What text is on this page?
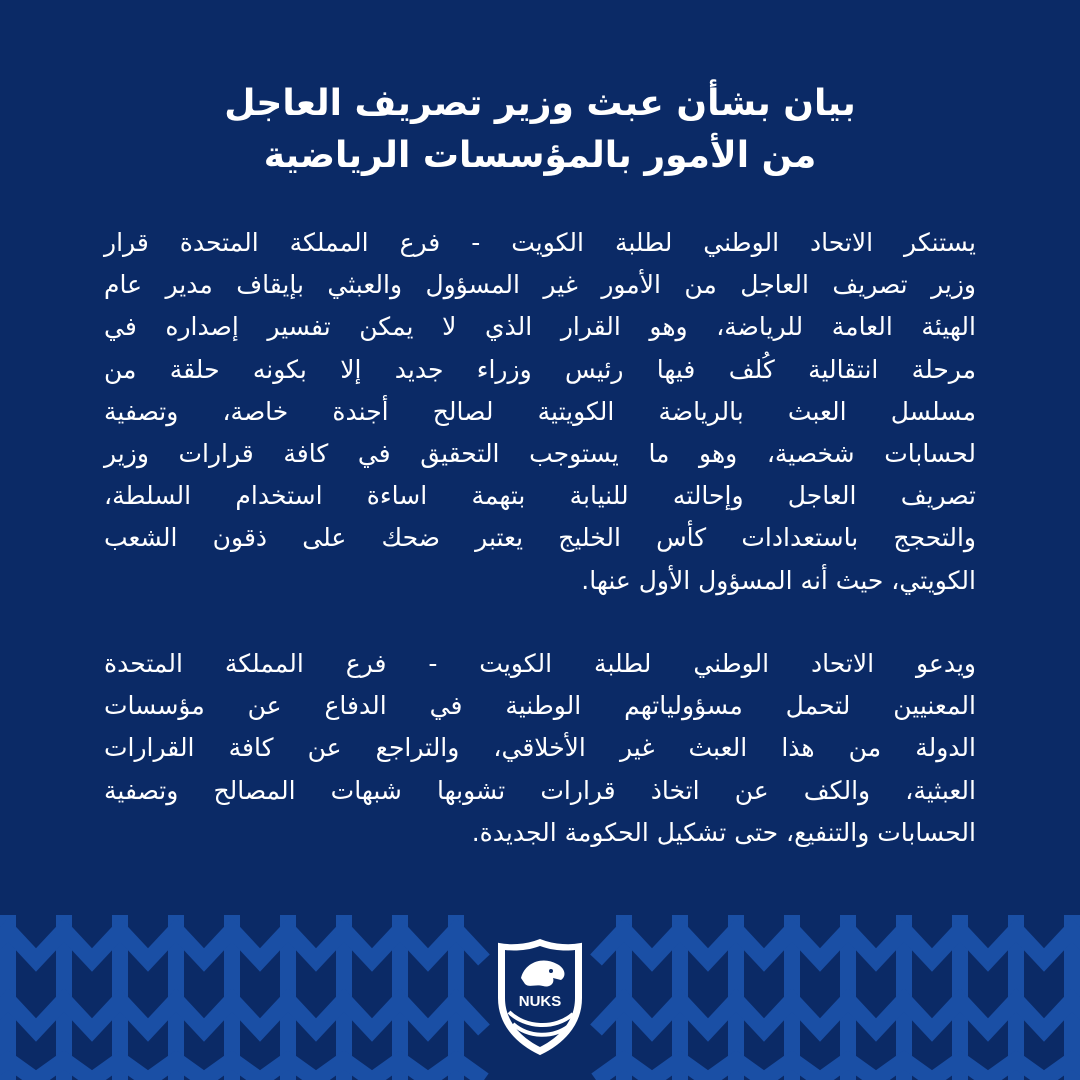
بيان بشأن عبث وزير تصريف العاجل
من الأمور بالمؤسسات الرياضية
يستنكر الاتحاد الوطني لطلبة الكويت - فرع المملكة المتحدة قرار
وزير تصريف العاجل من الأمور غير المسؤول والعبثي بإيقاف مدير عام
الهيئة العامة للرياضة، وهو القرار الذي لا يمكن تفسير إصداره في
مرحلة انتقالية كُلف فيها رئيس وزراء جديد إلا بكونه حلقة من
مسلسل العبث بالرياضة الكويتية لصالح أجندة خاصة، وتصفية
لحسابات شخصية، وهو ما يستوجب التحقيق في كافة قرارات وزير
تصريف العاجل وإحالته للنيابة بتهمة اساءة استخدام السلطة،
والتحجج باستعدادات كأس الخليج يعتبر ضحك على ذقون الشعب
الكويتي، حيث أنه المسؤول الأول عنها.
ويدعو الاتحاد الوطني لطلبة الكويت - فرع المملكة المتحدة
المعنيين لتحمل مسؤولياتهم الوطنية في الدفاع عن مؤسسات
الدولة من هذا العبث غير الأخلاقي، والتراجع عن كافة القرارات
العبثية، والكف عن اتخاذ قرارات تشوبها شبهات المصالح وتصفية
الحسابات والتنفيع، حتى تشكيل الحكومة الجديدة.
NUKS
